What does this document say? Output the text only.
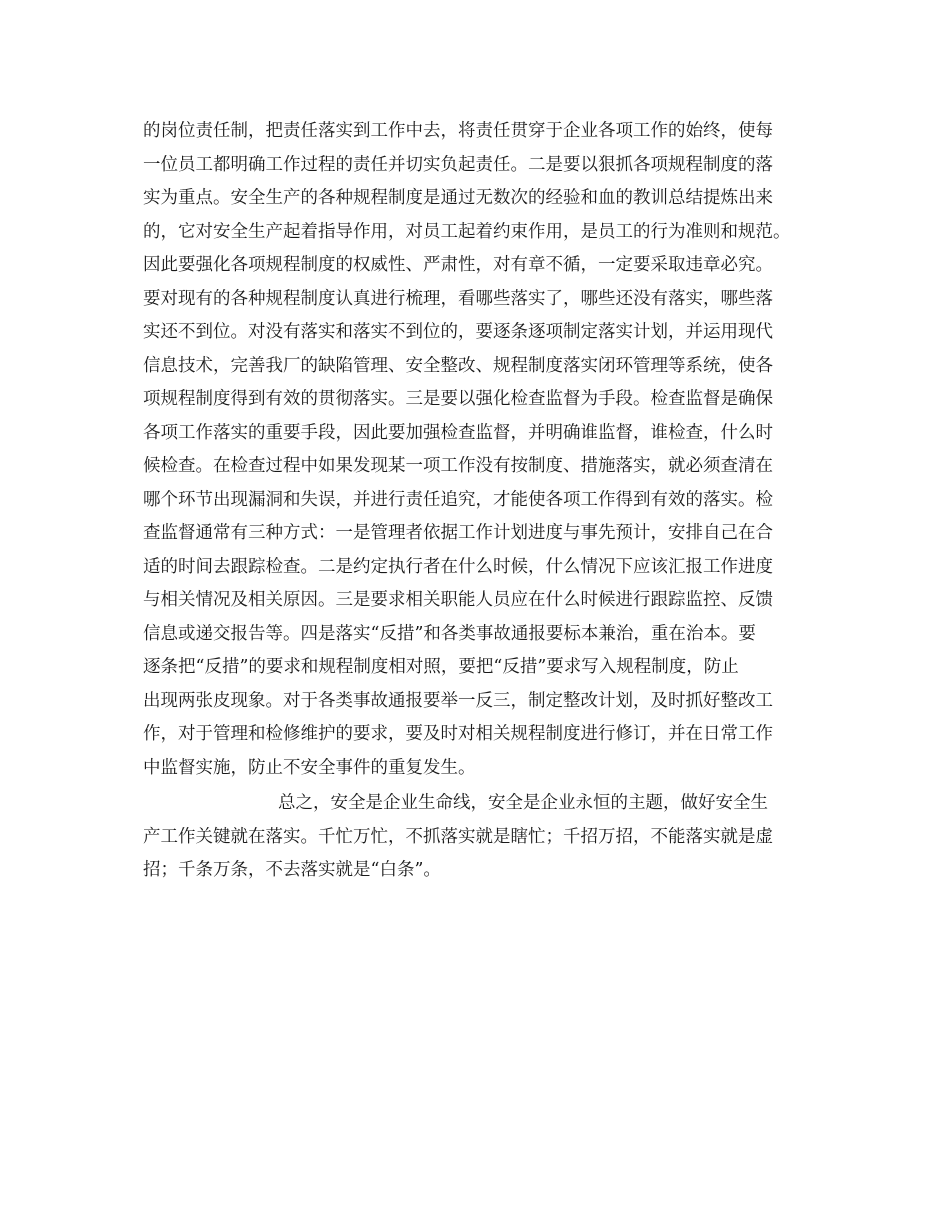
的岗位责任制，把责任落实到工作中去，将责任贯穿于企业各项工作的始终，使每
一位员工都明确工作过程的责任并切实负起责任。二是要以狠抓各项规程制度的落
实为重点。安全生产的各种规程制度是通过无数次的经验和血的教训总结提炼出来
的，它对安全生产起着指导作用，对员工起着约束作用，是员工的行为准则和规范。
因此要强化各项规程制度的权威性、严肃性，对有章不循，一定要采取违章必究。
要对现有的各种规程制度认真进行梳理，看哪些落实了，哪些还没有落实，哪些落
实还不到位。对没有落实和落实不到位的，要逐条逐项制定落实计划，并运用现代
信息技术，完善我厂的缺陷管理、安全整改、规程制度落实闭环管理等系统，使各
项规程制度得到有效的贯彻落实。三是要以强化检查监督为手段。检查监督是确保
各项工作落实的重要手段，因此要加强检查监督，并明确谁监督，谁检查，什么时
候检查。在检查过程中如果发现某一项工作没有按制度、措施落实，就必须查清在
哪个环节出现漏洞和失误，并进行责任追究，才能使各项工作得到有效的落实。检
查监督通常有三种方式：一是管理者依据工作计划进度与事先预计，安排自己在合
适的时间去跟踪检查。二是约定执行者在什么时候，什么情况下应该汇报工作进度
与相关情况及相关原因。三是要求相关职能人员应在什么时候进行跟踪监控、反馈
信息或递交报告等。四是落实“反措”和各类事故通报要标本兼治，重在治本。要
逐条把“反措”的要求和规程制度相对照，要把“反措”要求写入规程制度，防止
出现两张皮现象。对于各类事故通报要举一反三，制定整改计划，及时抓好整改工
作，对于管理和检修维护的要求，要及时对相关规程制度进行修订，并在日常工作
中监督实施，防止不安全事件的重复发生。
总之，安全是企业生命线，安全是企业永恒的主题，做好安全生
产工作关键就在落实。千忙万忙，不抓落实就是瞎忙；千招万招，不能落实就是虚
招；千条万条，不去落实就是“白条”。
